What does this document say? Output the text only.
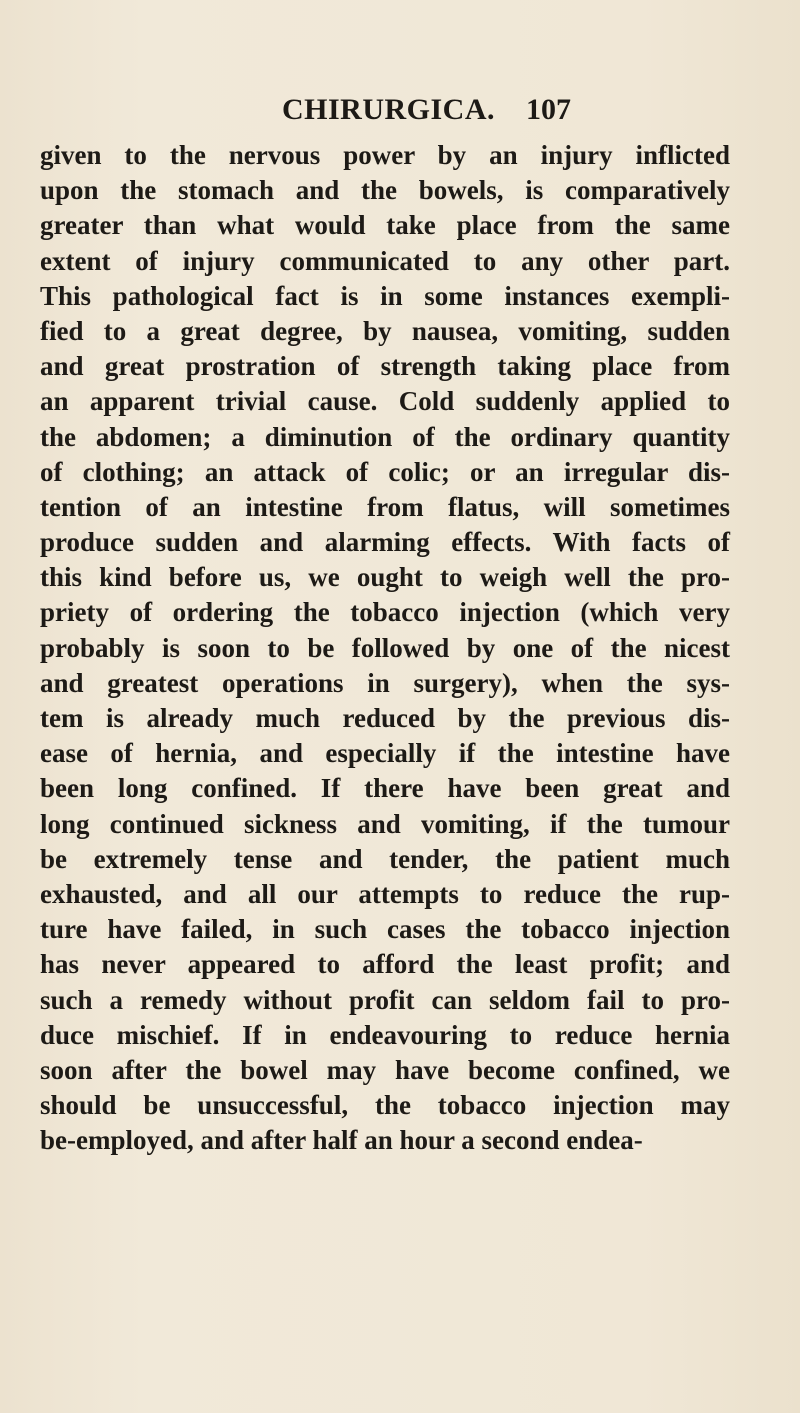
CHIRURGICA. 107
given to the nervous power by an injury inflicted
upon the stomach and the bowels, is comparatively
greater than what would take place from the same
extent of injury communicated to any other part.
This pathological fact is in some instances exempli-
fied to a great degree, by nausea, vomiting, sudden
and great prostration of strength taking place from
an apparent trivial cause. Cold suddenly applied to
the abdomen; a diminution of the ordinary quantity
of clothing; an attack of colic; or an irregular dis-
tention of an intestine from flatus, will sometimes
produce sudden and alarming effects. With facts of
this kind before us, we ought to weigh well the pro-
priety of ordering the tobacco injection (which very
probably is soon to be followed by one of the nicest
and greatest operations in surgery), when the sys-
tem is already much reduced by the previous dis-
ease of hernia, and especially if the intestine have
been long confined. If there have been great and
long continued sickness and vomiting, if the tumour
be extremely tense and tender, the patient much
exhausted, and all our attempts to reduce the rup-
ture have failed, in such cases the tobacco injection
has never appeared to afford the least profit; and
such a remedy without profit can seldom fail to pro-
duce mischief. If in endeavouring to reduce hernia
soon after the bowel may have become confined, we
should be unsuccessful, the tobacco injection may
be-employed, and after half an hour a second endea-
